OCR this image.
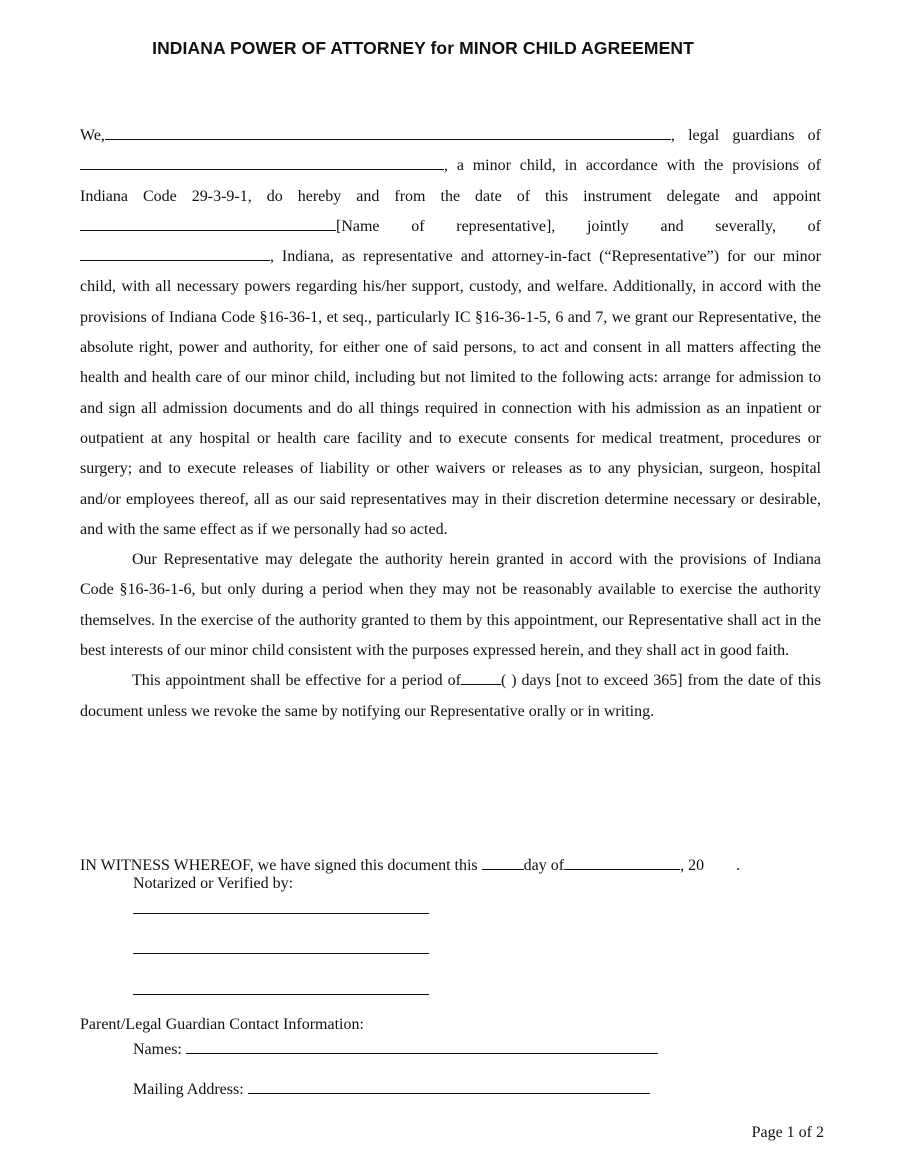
INDIANA POWER OF ATTORNEY for MINOR CHILD AGREEMENT

We,	, legal guardians of , a minor child, in accordance with the provisions of Indiana Code 29-3-9-1, do hereby and from the date of this instrument delegate and appoint [Name of representative], jointly and severally, of , Indiana, as representative and attorney-in-fact (“Representative”) for our minor child, with all necessary powers regarding his/her support, custody, and welfare. Additionally, in accord with the provisions of Indiana Code §16-36-1, et seq., particularly IC §16-36-1-5, 6 and 7, we grant our Representative, the absolute right, power and authority, for either one of said persons, to act and consent in all matters affecting the health and health care of our minor child, including but not limited to the following acts: arrange for admission to and sign all admission documents and do all things required in connection with his admission as an inpatient or outpatient at any hospital or health care facility and to execute consents for medical treatment, procedures or surgery; and to execute releases of liability or other waivers or releases as to any physician, surgeon, hospital and/or employees thereof, all as our said representatives may in their discretion determine necessary or desirable, and with the same effect as if we personally had so acted.

Our Representative may delegate the authority herein granted in accord with the provisions of Indiana Code §16-36-1-6, but only during a period when they may not be reasonably available to exercise the authority themselves. In the exercise of the authority granted to them by this appointment, our Representative shall act in the best interests of our minor child consistent with the purposes expressed herein, and they shall act in good faith.

This appointment shall be effective for a period of	( ) days [not to exceed 365] from the date of this document unless we revoke the same by notifying our Representative orally or in writing.

IN WITNESS WHEREOF, we have signed this document this	day of	, 20 .
Notarized or Verified by:
Parent/Legal Guardian Contact Information:
Names:
Mailing Address:
Page 1 of 2
